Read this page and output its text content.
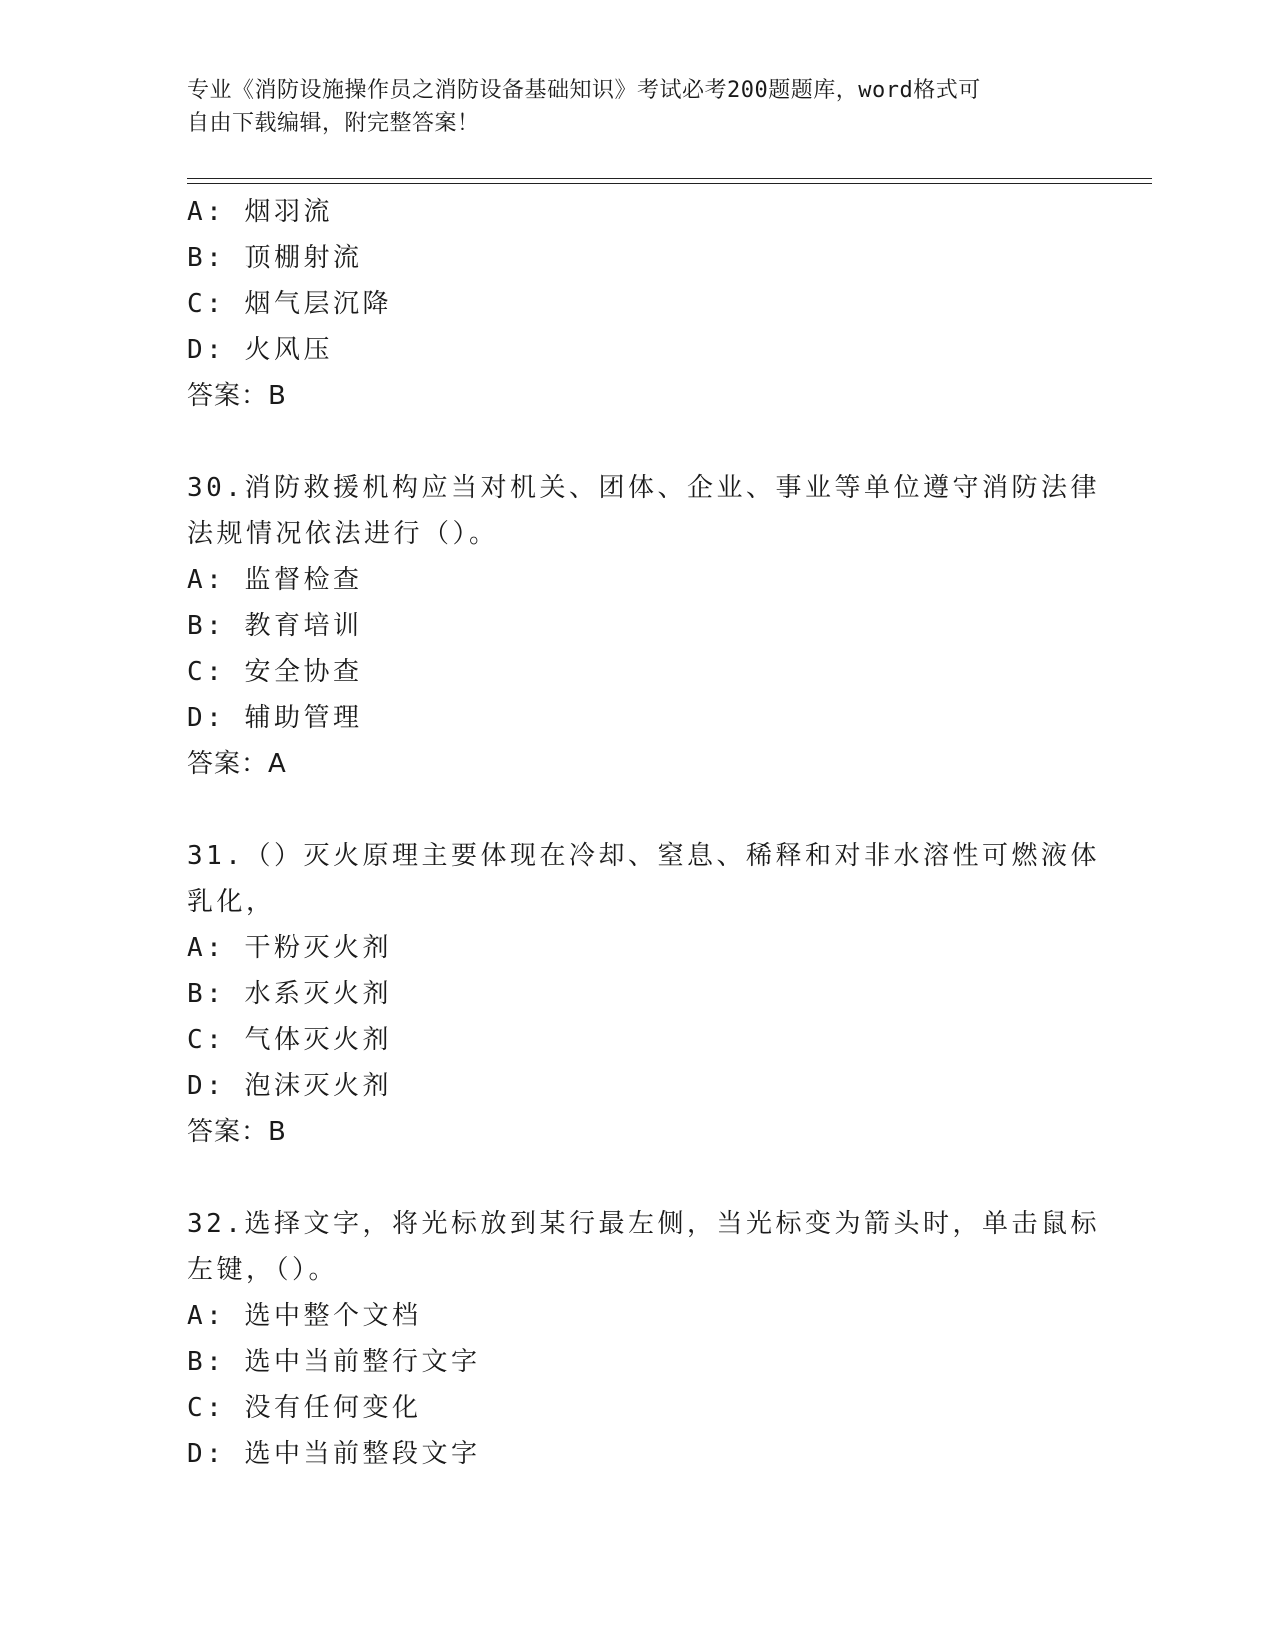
专业《消防设施操作员之消防设备基础知识》考试必考200题题库，word格式可
自由下载编辑，附完整答案！
A: 烟羽流
B: 顶棚射流
C: 烟气层沉降
D: 火风压
答案：B
30.消防救援机构应当对机关、团体、企业、事业等单位遵守消防法律
法规情况依法进行（）。
A: 监督检查
B: 教育培训
C: 安全协查
D: 辅助管理
答案：A
31.（）灭火原理主要体现在冷却、窒息、稀释和对非水溶性可燃液体
乳化，
A: 干粉灭火剂
B: 水系灭火剂
C: 气体灭火剂
D: 泡沫灭火剂
答案：B
32.选择文字，将光标放到某行最左侧，当光标变为箭头时，单击鼠标
左键，（）。
A: 选中整个文档
B: 选中当前整行文字
C: 没有任何变化
D: 选中当前整段文字
